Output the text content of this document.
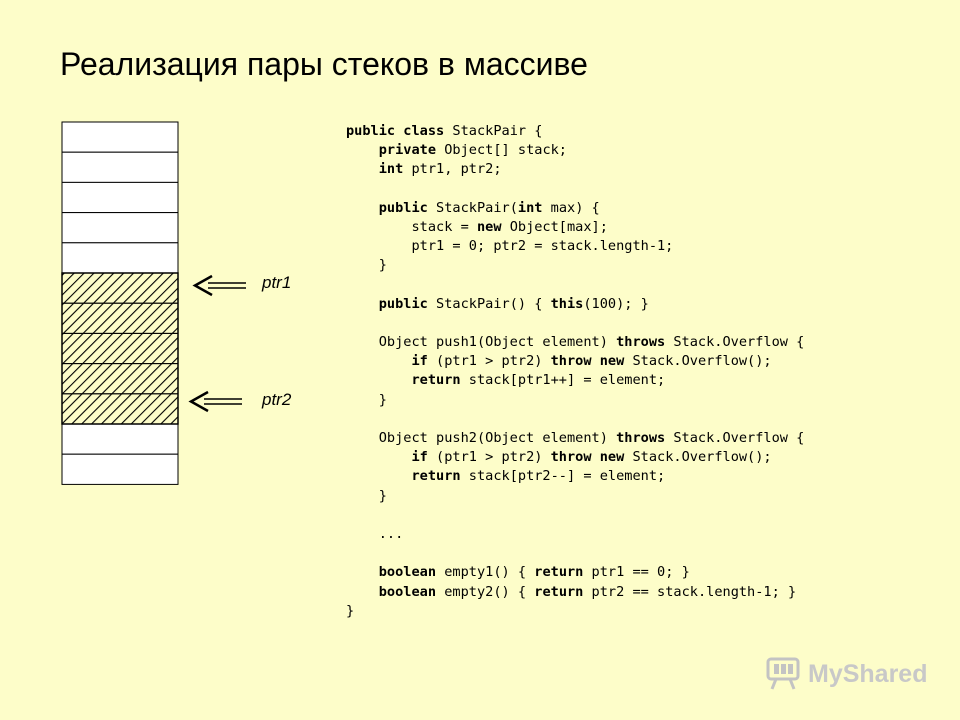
Реализация пары стеков в массиве
ptr1
ptr2
public class StackPair {
private Object[] stack;
int ptr1, ptr2;

public StackPair(int max) {
stack = new Object[max];
ptr1 = 0; ptr2 = stack.length-1;
}

public StackPair() { this(100); }

Object push1(Object element) throws Stack.Overflow {
if (ptr1 > ptr2) throw new Stack.Overflow();
return stack[ptr1++] = element;
}

Object push2(Object element) throws Stack.Overflow {
if (ptr1 > ptr2) throw new Stack.Overflow();
return stack[ptr2--] = element;
}

...

boolean empty1() { return ptr1 == 0; }
boolean empty2() { return ptr2 == stack.length-1; }
}
MyShared
